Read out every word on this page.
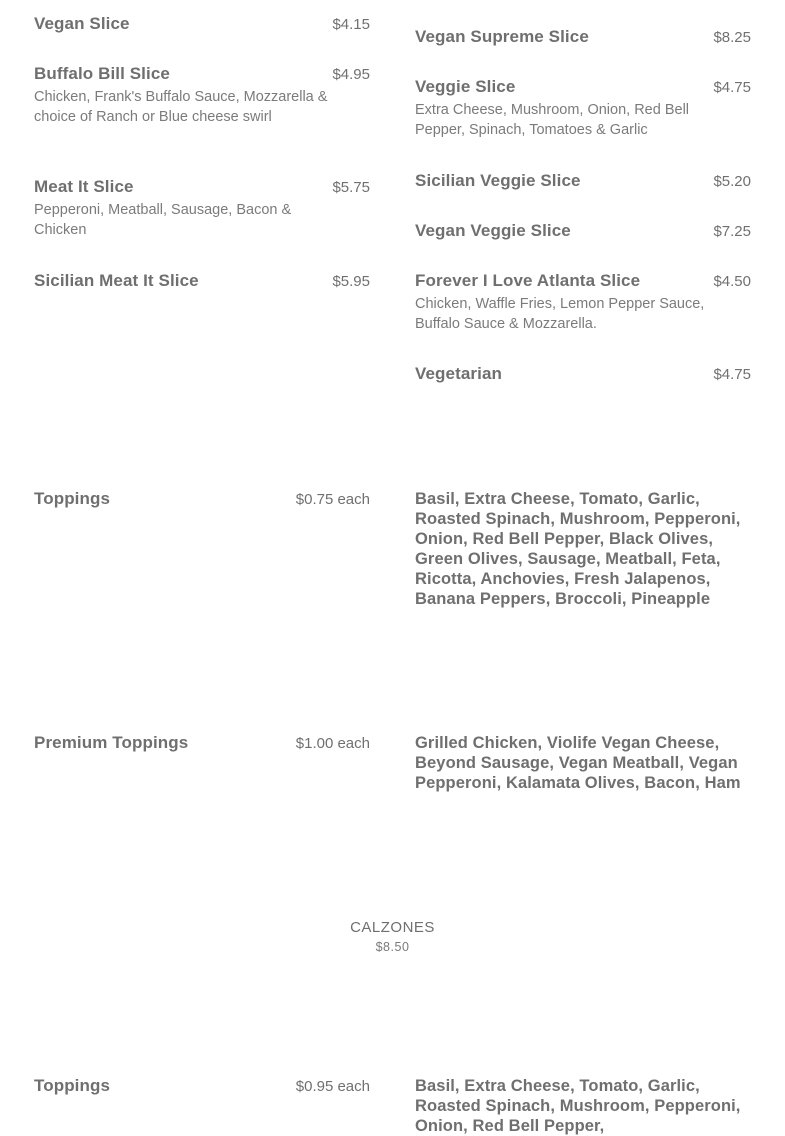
Vegan Slice	$4.15
Buffalo Bill Slice	$4.95
Chicken, Frank's Buffalo Sauce, Mozzarella & choice of Ranch or Blue cheese swirl
Meat It Slice	$5.75
Pepperoni, Meatball, Sausage, Bacon & Chicken
Sicilian Meat It Slice	$5.95
Vegan Supreme Slice	$8.25
Veggie Slice	$4.75
Extra Cheese, Mushroom, Onion, Red Bell Pepper, Spinach, Tomatoes & Garlic
Sicilian Veggie Slice	$5.20
Vegan Veggie Slice	$7.25
Forever I Love Atlanta Slice	$4.50
Chicken, Waffle Fries, Lemon Pepper Sauce, Buffalo Sauce & Mozzarella.
Vegetarian	$4.75
Toppings	$0.75 each	Basil, Extra Cheese, Tomato, Garlic, Roasted Spinach, Mushroom, Pepperoni, Onion, Red Bell Pepper, Black Olives, Green Olives, Sausage, Meatball, Feta, Ricotta, Anchovies, Fresh Jalapenos, Banana Peppers, Broccoli, Pineapple
Premium Toppings	$1.00 each	Grilled Chicken, Violife Vegan Cheese, Beyond Sausage, Vegan Meatball, Vegan Pepperoni, Kalamata Olives, Bacon, Ham
CALZONES
$8.50
Toppings	$0.95 each	Basil, Extra Cheese, Tomato, Garlic, Roasted Spinach, Mushroom, Pepperoni, Onion, Red Bell Pepper,
